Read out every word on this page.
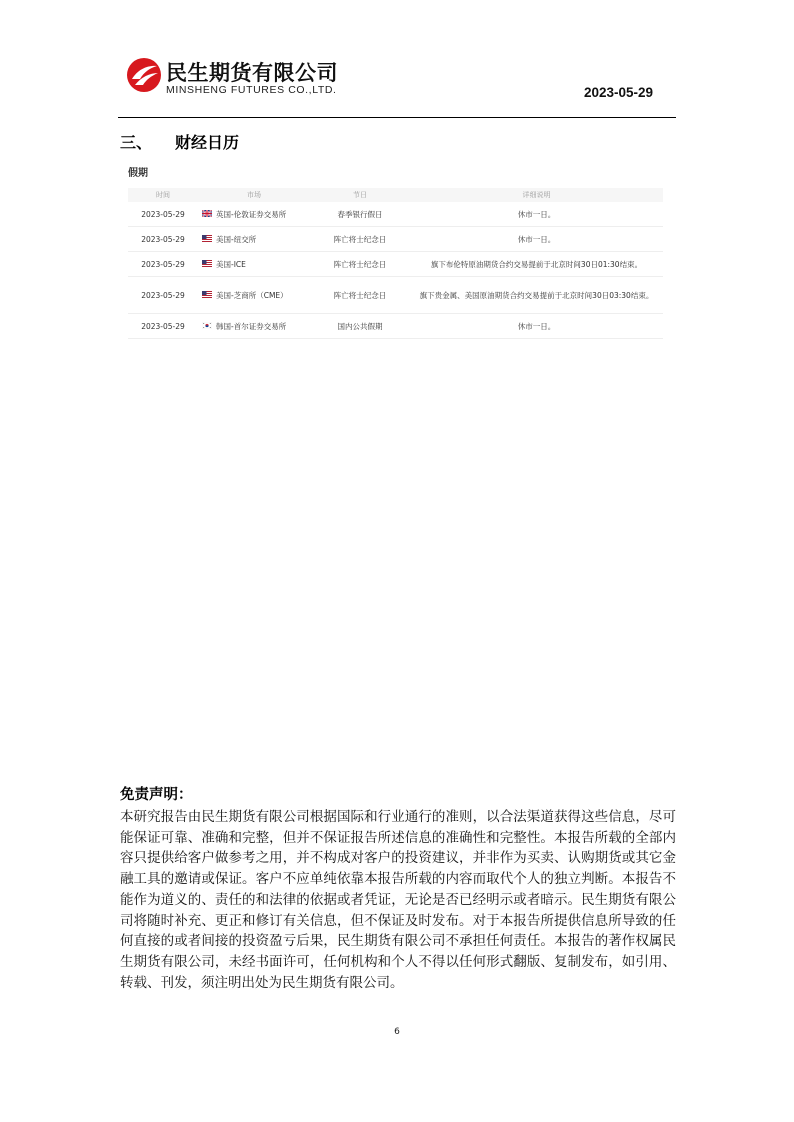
民生期货有限公司
MINSHENG FUTURES CO.,LTD.	2023-05-29
三、 财经日历
假期
时间	市场	节日	详细说明
2023-05-29	英国-伦敦证券交易所	春季银行假日	休市一日。
2023-05-29	美国-纽交所	阵亡将士纪念日	休市一日。
2023-05-29	美国-ICE	阵亡将士纪念日	旗下布伦特原油期货合约交易提前于北京时间30日01:30结束。
2023-05-29	美国-芝商所（CME）	阵亡将士纪念日	旗下贵金属、美国原油期货合约交易提前于北京时间30日03:30结束。
2023-05-29	韩国-首尔证券交易所	国内公共假期	休市一日。
免责声明：

本研究报告由民生期货有限公司根据国际和行业通行的准则，以合法渠道获得这些信息，尽可能保证可靠、准确和完整，但并不保证报告所述信息的准确性和完整性。本报告所载的全部内容只提供给客户做参考之用，并不构成对客户的投资建议，并非作为买卖、认购期货或其它金融工具的邀请或保证。客户不应单纯依靠本报告所载的内容而取代个人的独立判断。本报告不能作为道义的、责任的和法律的依据或者凭证，无论是否已经明示或者暗示。民生期货有限公司将随时补充、更正和修订有关信息，但不保证及时发布。对于本报告所提供信息所导致的任何直接的或者间接的投资盈亏后果，民生期货有限公司不承担任何责任。本报告的著作权属民生期货有限公司，未经书面许可，任何机构和个人不得以任何形式翻版、复制发布，如引用、转载、刊发，须注明出处为民生期货有限公司。

6
